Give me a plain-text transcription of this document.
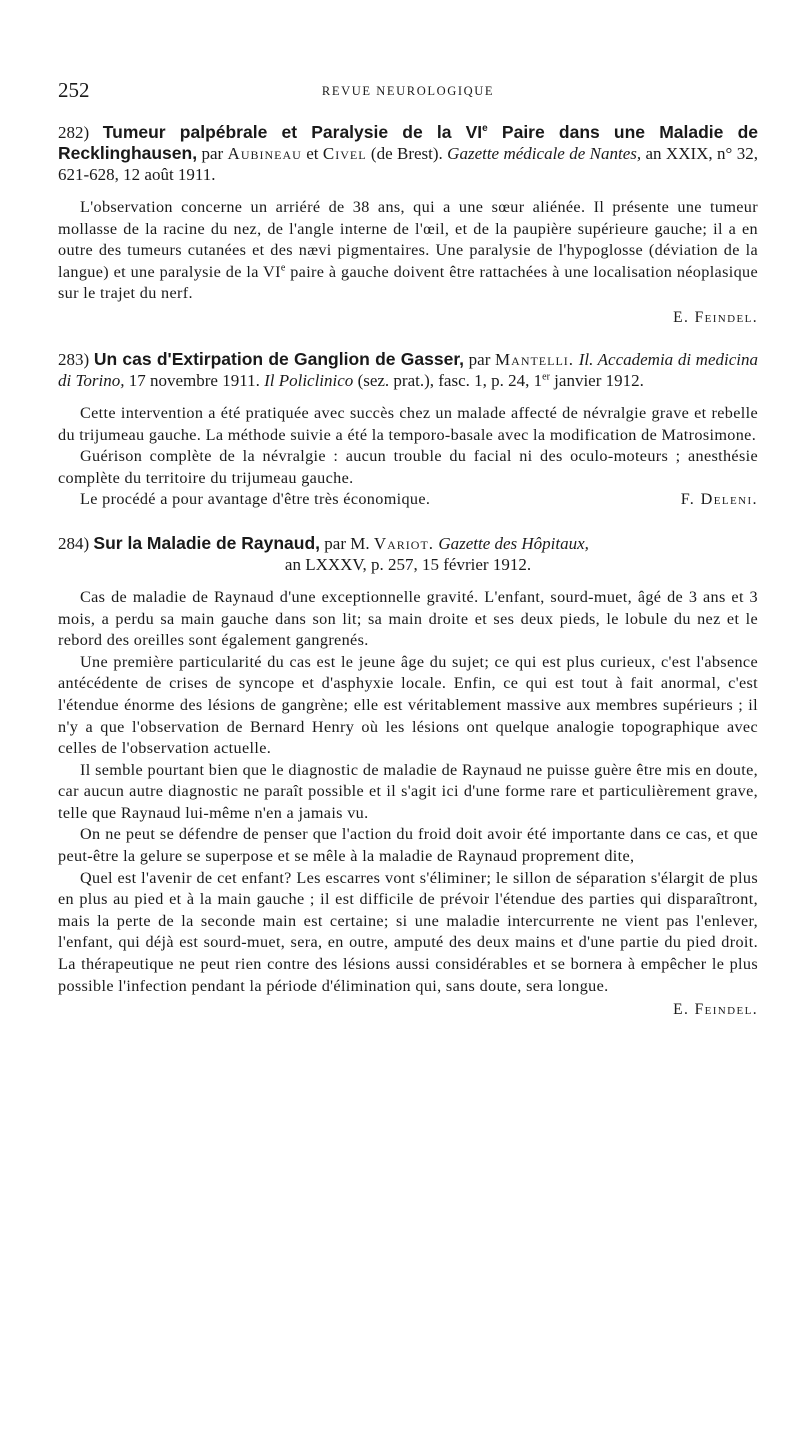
252	REVUE NEUROLOGIQUE
282) Tumeur palpébrale et Paralysie de la VIe Paire dans une Maladie de Recklinghausen, par Aubineau et Civel (de Brest). Gazette médicale de Nantes, an XXIX, n° 32, 621-628, 12 août 1911.

L'observation concerne un arriéré de 38 ans, qui a une sœur aliénée. Il présente une tumeur mollasse de la racine du nez, de l'angle interne de l'œil, et de la paupière supérieure gauche; il a en outre des tumeurs cutanées et des nævi pigmentaires. Une paralysie de l'hypoglosse (déviation de la langue) et une paralysie de la VIe paire à gauche doivent être rattachées à une localisation néoplasique sur le trajet du nerf.

E. Feindel.
283) Un cas d'Extirpation de Ganglion de Gasser, par Mantelli. Il. Accademia di medicina di Torino, 17 novembre 1911. Il Policlinico (sez. prat.), fasc. 1, p. 24, 1er janvier 1912.

Cette intervention a été pratiquée avec succès chez un malade affecté de névralgie grave et rebelle du trijumeau gauche. La méthode suivie a été la temporo-basale avec la modification de Matrosimone.

Guérison complète de la névralgie : aucun trouble du facial ni des oculo-moteurs ; anesthésie complète du territoire du trijumeau gauche.

Le procédé a pour avantage d'être très économique.	F. Deleni.

284) Sur la Maladie de Raynaud, par M. Variot. Gazette des Hôpitaux,
an LXXXV, p. 257, 15 février 1912.

Cas de maladie de Raynaud d'une exceptionnelle gravité. L'enfant, sourd-muet, âgé de 3 ans et 3 mois, a perdu sa main gauche dans son lit; sa main droite et ses deux pieds, le lobule du nez et le rebord des oreilles sont également gangrenés.

Une première particularité du cas est le jeune âge du sujet; ce qui est plus curieux, c'est l'absence antécédente de crises de syncope et d'asphyxie locale. Enfin, ce qui est tout à fait anormal, c'est l'étendue énorme des lésions de gangrène; elle est véritablement massive aux membres supérieurs ; il n'y a que l'observation de Bernard Henry où les lésions ont quelque analogie topographique avec celles de l'observation actuelle.

Il semble pourtant bien que le diagnostic de maladie de Raynaud ne puisse guère être mis en doute, car aucun autre diagnostic ne paraît possible et il s'agit ici d'une forme rare et particulièrement grave, telle que Raynaud lui-même n'en a jamais vu.

On ne peut se défendre de penser que l'action du froid doit avoir été importante dans ce cas, et que peut-être la gelure se superpose et se mêle à la maladie de Raynaud proprement dite,

Quel est l'avenir de cet enfant? Les escarres vont s'éliminer; le sillon de séparation s'élargit de plus en plus au pied et à la main gauche ; il est difficile de prévoir l'étendue des parties qui disparaîtront, mais la perte de la seconde main est certaine; si une maladie intercurrente ne vient pas l'enlever, l'enfant, qui déjà est sourd-muet, sera, en outre, amputé des deux mains et d'une partie du pied droit. La thérapeutique ne peut rien contre des lésions aussi considérables et se bornera à empêcher le plus possible l'infection pendant la période d'élimination qui, sans doute, sera longue.

E. Feindel.
